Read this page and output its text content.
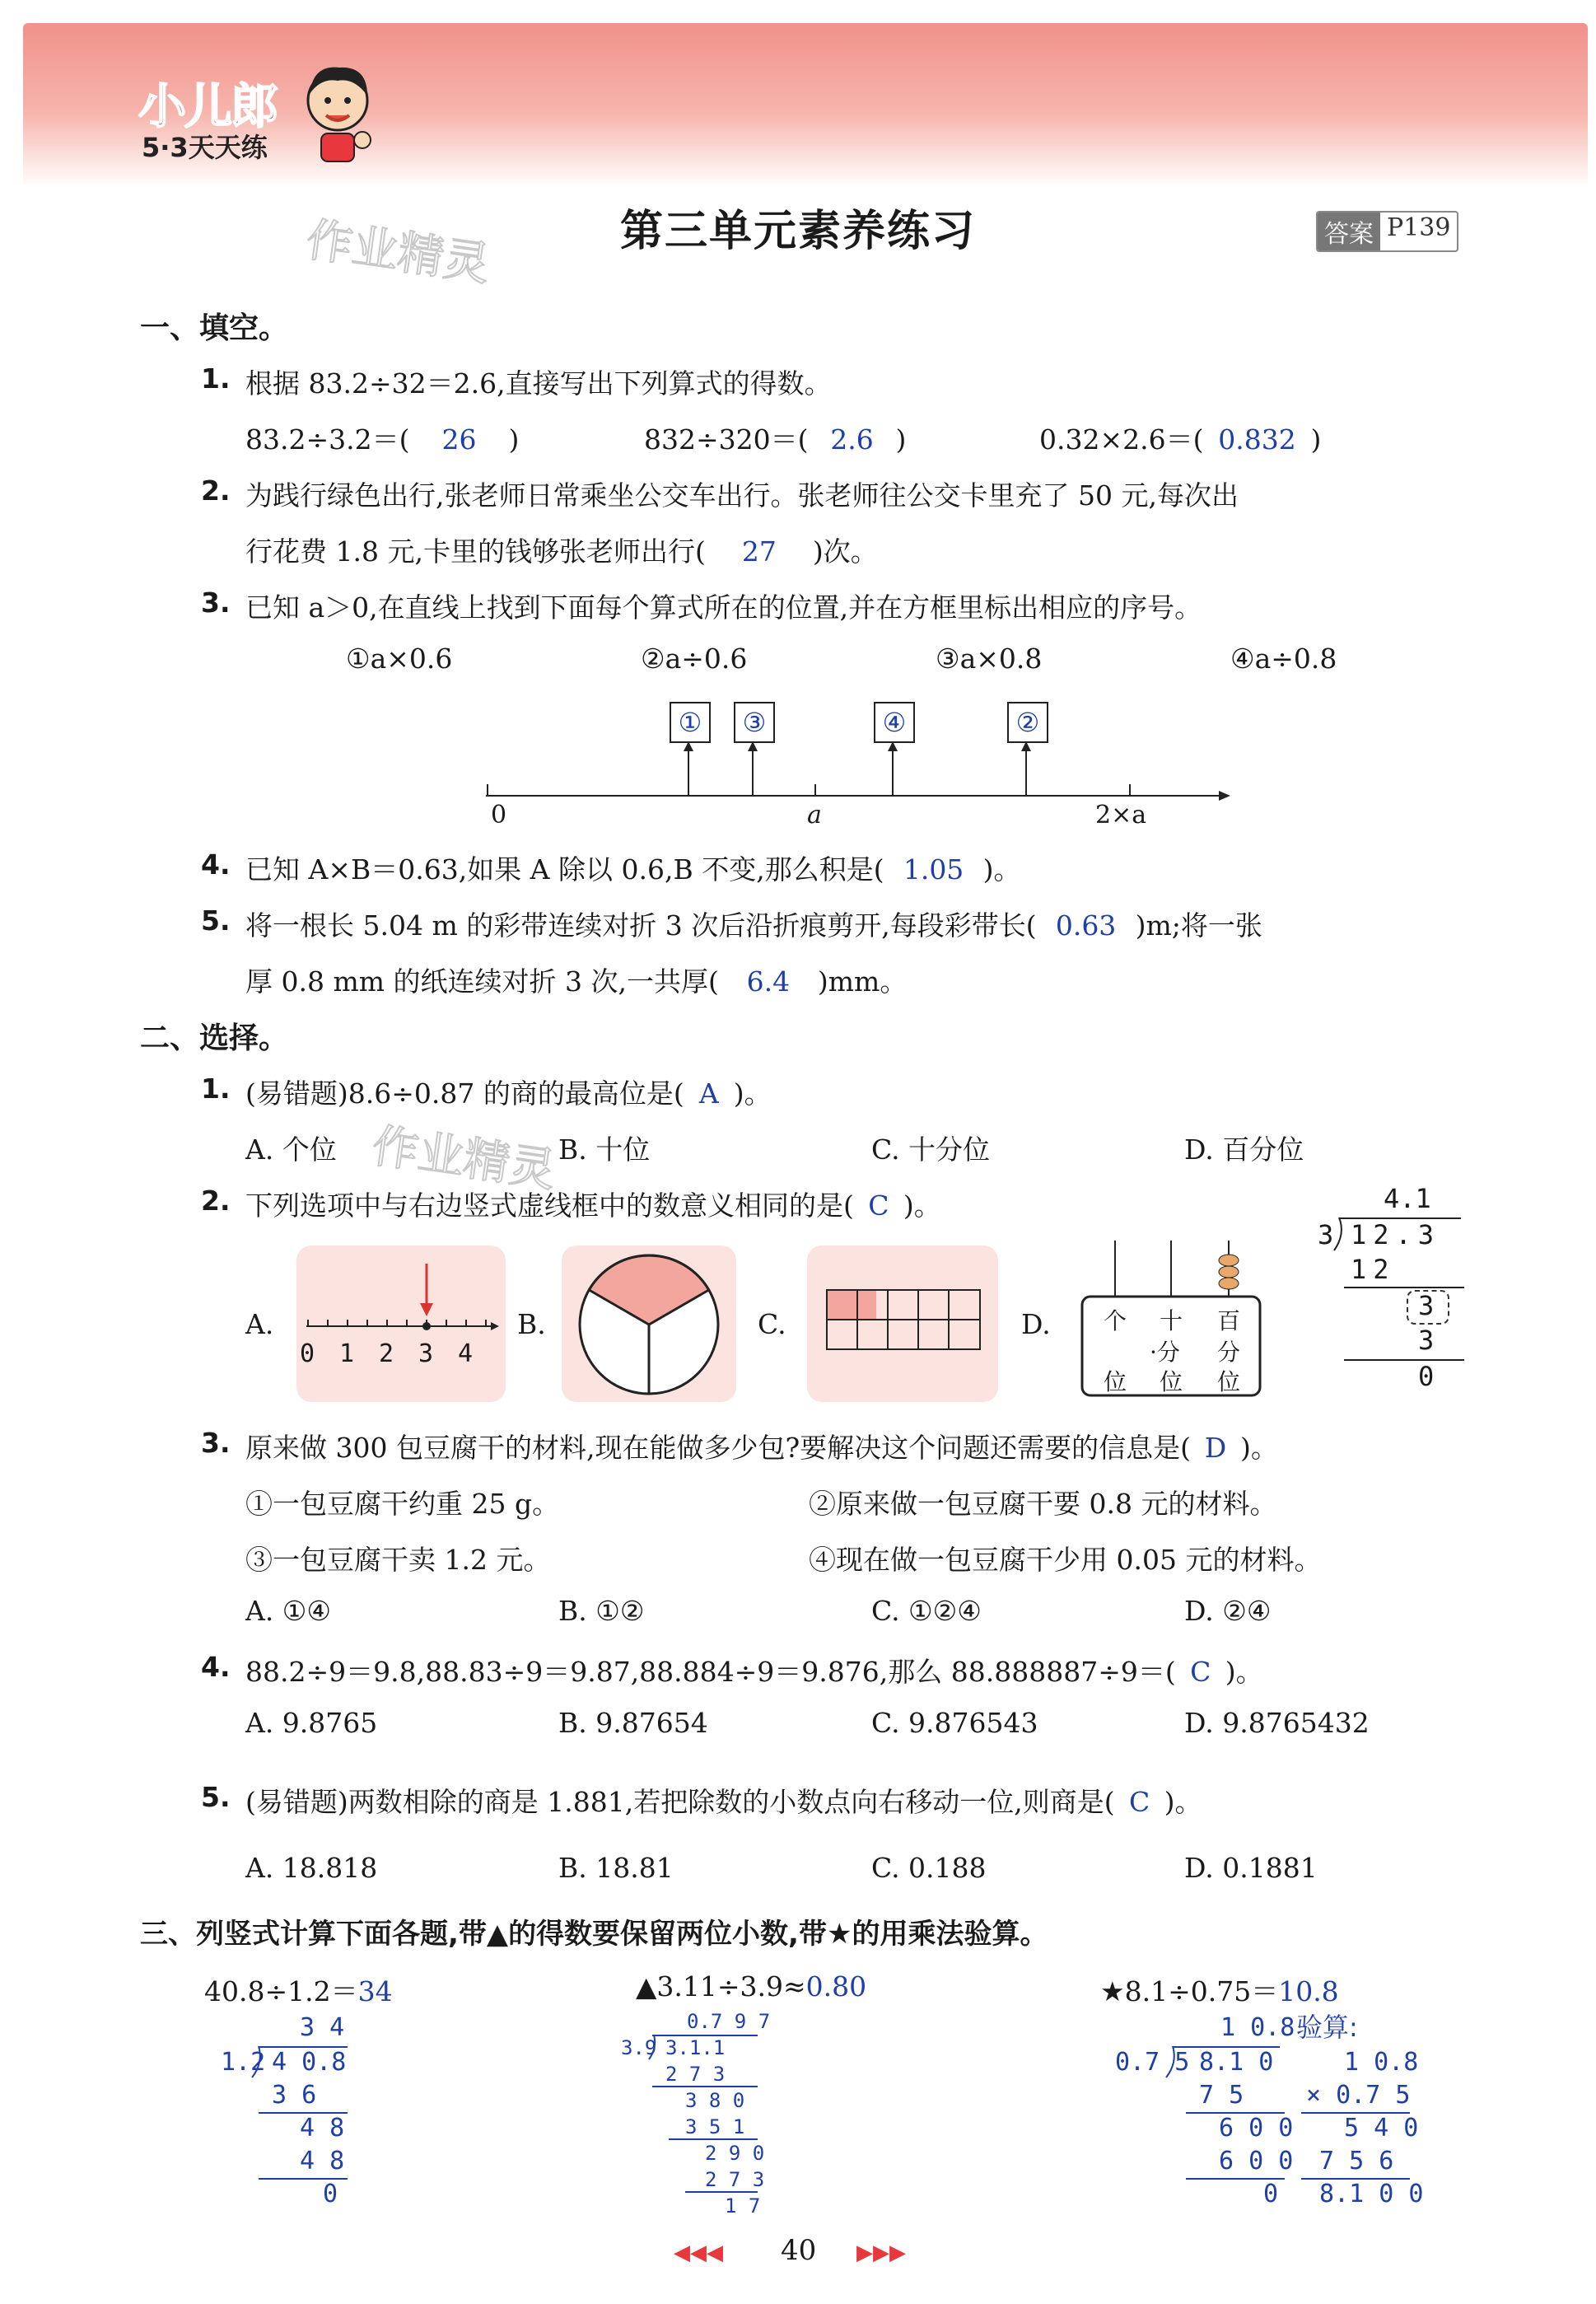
小儿郎
5·3天天练
第三单元素养练习	答案 P139
作业精灵
作业精灵
一、填空。
1. 根据 83.2÷32＝2.6,直接写出下列算式的得数。
83.2÷3.2＝( 26 )	832÷320＝( 2.6 )	0.32×2.6＝( 0.832 )
2. 为践行绿色出行,张老师日常乘坐公交车出行。张老师往公交卡里充了 50 元,每次出
行花费 1.8 元,卡里的钱够张老师出行( 27 )次。
3. 已知 a＞0,在直线上找到下面每个算式所在的位置,并在方框里标出相应的序号。
①a×0.6	②a÷0.6	③a×0.8	④a÷0.8
①	③	④	②
0	a	2×a
4. 已知 A×B＝0.63,如果 A 除以 0.6,B 不变,那么积是( 1.05 )。
5. 将一根长 5.04 m 的彩带连续对折 3 次后沿折痕剪开,每段彩带长( 0.63 )m;将一张
厚 0.8 mm 的纸连续对折 3 次,一共厚( 6.4 )mm。
二、选择。
1. (易错题)8.6÷0.87 的商的最高位是( A )。
A. 个位	B. 十位	C. 十分位	D. 百分位
2. 下列选项中与右边竖式虚线框中的数意义相同的是( C )。
A.
0 1 2 3 4
B.	C.	D. 个 十 百
·分 分
位 位 位
4.1
3 12.3
12
3
3
0
3. 原来做 300 包豆腐干的材料,现在能做多少包?要解决这个问题还需要的信息是( D )。
①一包豆腐干约重 25 g。	②原来做一包豆腐干要 0.8 元的材料。
③一包豆腐干卖 1.2 元。	④现在做一包豆腐干少用 0.05 元的材料。
A. ①④	B. ①②	C. ①②④	D. ②④
4. 88.2÷9＝9.8,88.83÷9＝9.87,88.884÷9＝9.876,那么 88.888887÷9＝( C )。
A. 9.8765	B. 9.87654	C. 9.876543	D. 9.8765432
5. (易错题)两数相除的商是 1.881,若把除数的小数点向右移动一位,则商是( C )。
A. 18.818	B. 18.81	C. 0.188	D. 0.1881
三、列竖式计算下面各题,带▲的得数要保留两位小数,带★的用乘法验算。
40.8÷1.2＝34
3 4
1.2 4 0.8
3 6
4 8
4 8
0
▲3.11÷3.9≈0.80
0.7 9 7
3.9 3.1.1
2 7 3
3 8 0
3 5 1
2 9 0
2 7 3
1 7
★8.1÷0.75＝10.8
1 0.8
0.7 5 8.1 0
7 5
6 0 0
6 0 0
0
验算:
1 0.8
× 0.7 5
5 4 0
7 5 6
8.1 0 0
◀◀◀ 40 ▶▶▶
